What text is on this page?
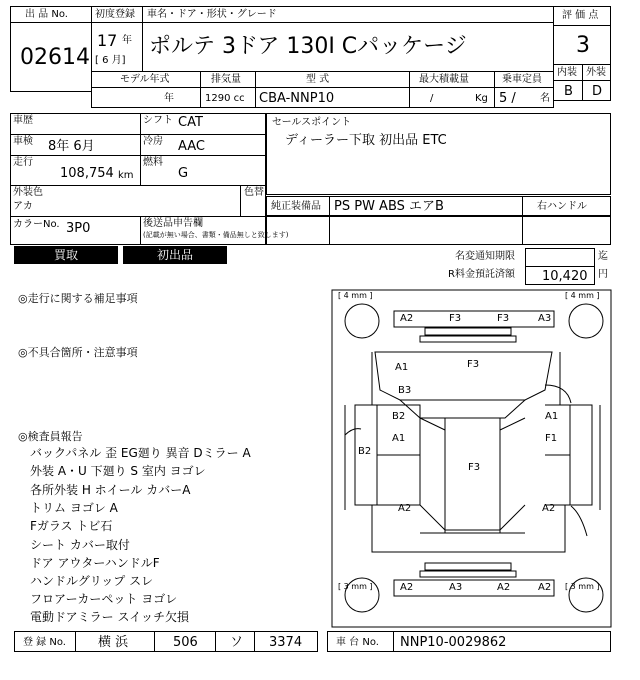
出 品 No.
02614
初度登録 車名・ドア・形状・グレード
17 年
[ 6 月]
ポルテ 3ドア 130I Cパッケージ
評 価 点
3
内装 外装
B D
モデル年式	排気量	型 式	最大積載量	乗車定員
年	1290 cc CBA-NNP10	/	Kg 5 / 名
車歴	シフト CAT
車検 8年 6月	冷房 AAC
走行
108,754 km
燃料
G
外装色
アカ
色替
カラーNo. 3P0	後送品申告欄
(記載が無い場合、書類・備品無しと致します)
セールスポイント
ディーラー下取 初出品 ETC
純正装備品 PS PW ABS エアB	右ハンドル
買取	初出品	名変通知期限	迄
R料金預託済額 10,420 円
◎走行に関する補足事項
◎不具合箇所・注意事項
◎検査員報告
バックパネル 歪 EG廻り 異音 Dミラー A
外装 A・U 下廻り S 室内 ヨゴレ
各所外装 H ホイール カバーA
トリム ヨゴレ A
Fガラス トビ石
シート カバー取付
ドア アウターハンドルF
ハンドルグリップ スレ
フロアーカーペット ヨゴレ
電動ドアミラー スイッチ欠損
[ 4 mm ]	[ 4 mm ]
[ 3 mm ]	[ 3 mm ]
A2	F3	F3	A3
F3
A1
B3
B2
A1
A1
F1
B2
F3
A2	A2
A2	A3	A2	A2
登 録 No. 横 浜	506 ソ 3374	車 台 No. NNP10-0029862
